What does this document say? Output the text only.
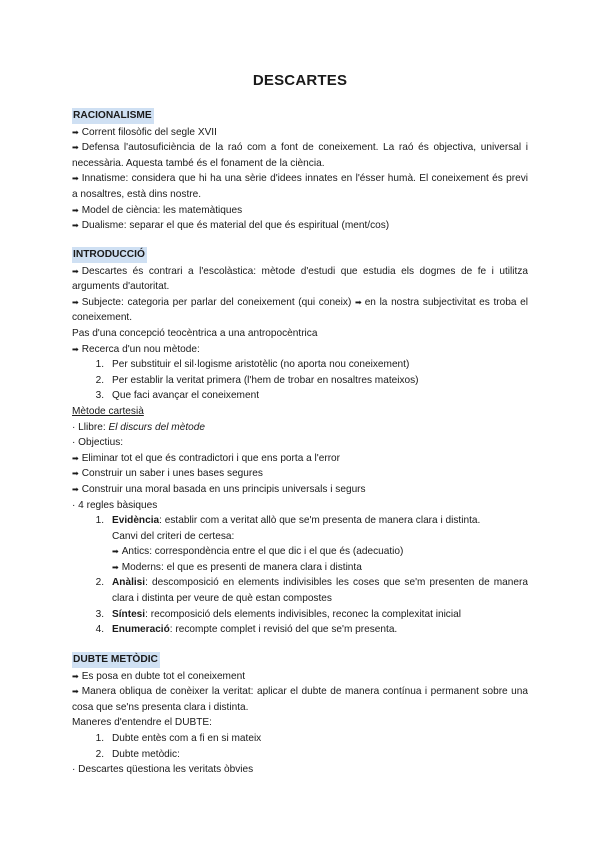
DESCARTES
RACIONALISME
➡ Corrent filosòfic del segle XVII
➡ Defensa l'autosuficiència de la raó com a font de coneixement. La raó és objectiva, universal i necessària. Aquesta també és el fonament de la ciència.
➡ Innatisme: considera que hi ha una sèrie d'idees innates en l'ésser humà. El coneixement és previ a nosaltres, està dins nostre.
➡ Model de ciència: les matemàtiques
➡ Dualisme: separar el que és material del que és espiritual (ment/cos)
INTRODUCCIÓ
➡ Descartes és contrari a l'escolàstica: mètode d'estudi que estudia els dogmes de fe i utilitza arguments d'autoritat.
➡ Subjecte: categoria per parlar del coneixement (qui coneix) ➡ en la nostra subjectivitat es troba el coneixement.
Pas d'una concepció teocèntrica a una antropocèntrica
➡ Recerca d'un nou mètode:
1. Per substituir el sil·logisme aristotèlic (no aporta nou coneixement)
2. Per establir la veritat primera (l'hem de trobar en nosaltres mateixos)
3. Que faci avançar el coneixement
Mètode cartesià
· Llibre: El discurs del mètode
· Objectius:
➡ Eliminar tot el que és contradictori i que ens porta a l'error
➡ Construir un saber i unes bases segures
➡ Construir una moral basada en uns principis universals i segurs
· 4 regles bàsiques
1. Evidència: establir com a veritat allò que se'm presenta de manera clara i distinta.
Canvi del criteri de certesa:
➡ Antics: correspondència entre el que dic i el que és (adecuatio)
➡ Moderns: el que es presenti de manera clara i distinta
2. Anàlisi: descomposició en elements indivisibles les coses que se'm presenten de manera clara i distinta per veure de què estan compostes
3. Síntesi: recomposició dels elements indivisibles, reconec la complexitat inicial
4. Enumeració: recompte complet i revisió del que se'm presenta.
DUBTE METÒDIC
➡ Es posa en dubte tot el coneixement
➡ Manera obliqua de conèixer la veritat: aplicar el dubte de manera contínua i permanent sobre una cosa que se'ns presenta clara i distinta.
Maneres d'entendre el DUBTE:
1. Dubte entès com a fi en si mateix
2. Dubte metòdic:
· Descartes qüestiona les veritats òbvies
